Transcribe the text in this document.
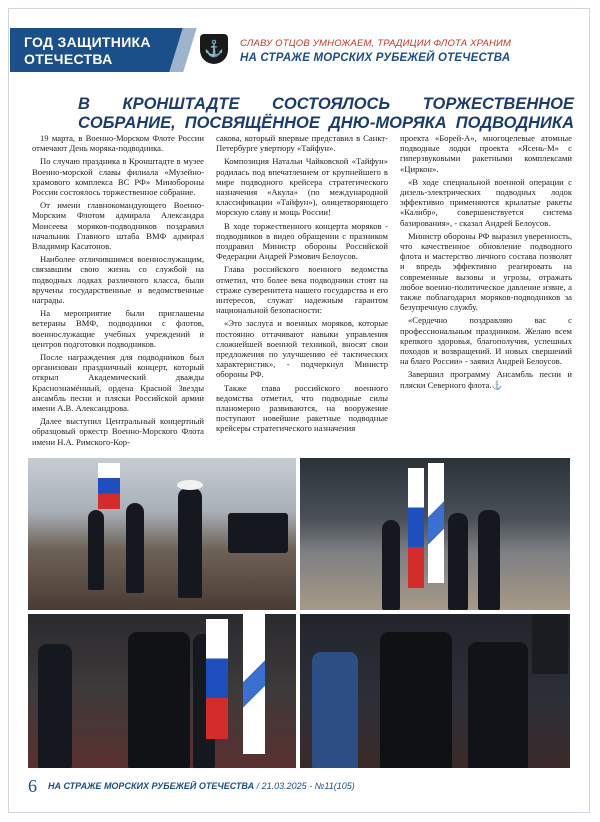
ГОД ЗАЩИТНИКА ОТЕЧЕСТВА
⚓	СЛАВУ ОТЦОВ УМНОЖАЕМ, ТРАДИЦИИ ФЛОТА ХРАНИМ
НА СТРАЖЕ МОРСКИХ РУБЕЖЕЙ ОТЕЧЕСТВА
В КРОНШТАДТЕ СОСТОЯЛОСЬ ТОРЖЕСТВЕННОЕ СОБРАНИЕ, ПОСВЯЩЁННОЕ ДНЮ-МОРЯКА ПОДВОДНИКА

19 марта, в Военно-Морском Флоте России отмечают День моряка-подводника.

По случаю праздника в Кронштадте в музее Военно-морской славы филиала «Музейно-храмового комплекса ВС РФ» Минобороны России состоялось торжественное собрание.

От имени главнокомандующего Военно-Морским Флотом адмирала Александра Моисеева моряков-подводников поздравил начальник Главного штаба ВМФ адмирал Владимир Касатонов.

Наиболее отличившимся военнослужащим, связавшим свою жизнь со службой на подводных лодках различного класса, были вручены государственные и ведомственные награды.

На мероприятие были приглашены ветераны ВМФ, подводники с флотов, военнослужащие учебных учреждений и центров подготовки подводников.

После награждения для подводников был организован праздничный концерт, который открыл Академический дважды Краснознамённый, ордена Красной Звезды ансамбль песни и пляски Российской армии имени А.В. Александрова.

Далее выступил Центральный концертный образцовый оркестр Военно-Морского Флота имени Н.А. Римского-Кор-

сакова, который впервые представил в Санкт-Петербурге увертюру «Тайфун».

Композиция Натальи Чайковской «Тайфун» родилась под впечатлением от крупнейшего в мире подводного крейсера стратегического назначения «Акула» (по международной классификации «Тайфун»), олицетворяющего морскую славу и мощь России!

В ходе торжественного концерта моряков - подводников в видео обращении с празником поздравил Министр обороны Российской Федерации Андрей Рэмович Белоусов.

Глава российского военного ведомства отметил, что более века подводники стоят на страже суверенитета нашего государства и его интересов, служат надежным гарантом национальной безопасности:

«Это заслуга и военных моряков, которые постоянно оттачивают навыки управления сложнейшей военной техникой, вносят свои предложения по улучшению её тактических характеристик», - подчеркнул Министр обороны РФ.

Также глава российского военного ведомства отметил, что подводные силы планомерно развиваются, на вооружение поступают новейшие ракетные подводные крейсеры стратегического назначения

проекта «Борей-А», многоцелевые атомные подводные лодки проекта «Ясень-М» с гиперзвуковыми ракетными комплексами «Циркон».

«В ходе специальной военной операции с дизель-электрических подводных лодок эффективно применяются крылатые ракеты «Калибр», совершенствуется система базирования», - сказал Андрей Белоусов.

Министр обороны РФ выразил уверенность, что качественное обновление подводного флота и мастерство личного состава позволят и впредь эффективно реагировать на современные вызовы и угрозы, отражать любое военно-политическое давление извне, а также поблагодарил моряков-подводников за безупречную службу.

«Сердечно поздравляю вас с профессиональным праздником. Желаю всем крепкого здоровья, благополучия, успешных походов и возвращений. И новых свершений на благо России» - заявил Андрей Белоусов.

Завершил программу Ансамбль песни и пляски Северного флота.⚓

6 НА СТРАЖЕ МОРСКИХ РУБЕЖЕЙ ОТЕЧЕСТВА / 21.03.2025 - №11(105)
